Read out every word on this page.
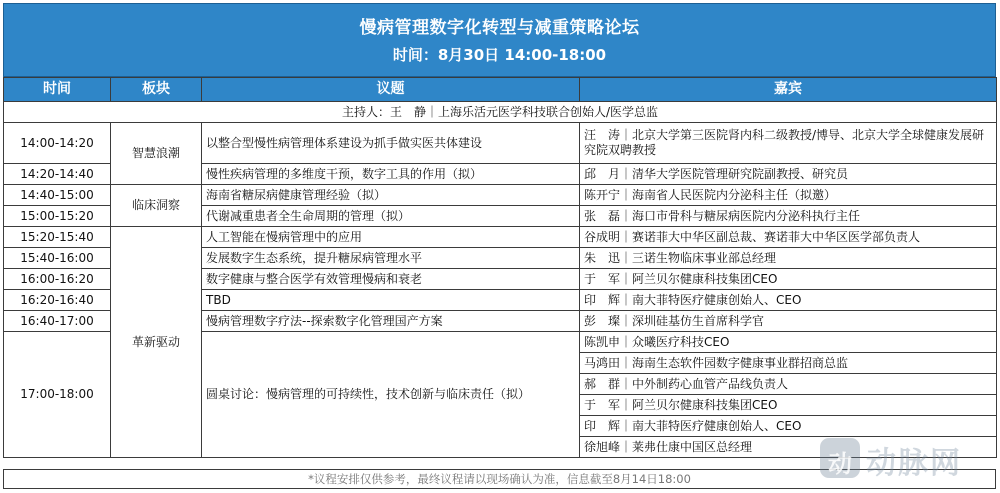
慢病管理数字化转型与减重策略论坛
时间：8月30日 14:00-18:00
时间	板块	议题	嘉宾
主持人：王　静｜上海乐活元医学科技联合创始人/医学总监			
14:00-14:20	智慧浪潮	以整合型慢性病管理体系建设为抓手做实医共体建设	汪　涛｜北京大学第三医院肾内科二级教授/博导、北京大学全球健康发展研究院双聘教授
14:20-14:40		慢性疾病管理的多维度干预，数字工具的作用（拟）	邱　月｜清华大学医院管理研究院副教授、研究员
14:40-15:00	临床洞察	海南省糖尿病健康管理经验（拟）	陈开宁｜海南省人民医院内分泌科主任（拟邀）
15:00-15:20		代谢减重患者全生命周期的管理（拟）	张　磊｜海口市骨科与糖尿病医院内分泌科执行主任
15:20-15:40	革新驱动	人工智能在慢病管理中的应用	谷成明｜赛诺菲大中华区副总裁、赛诺菲大中华区医学部负责人
15:40-16:00		发展数字生态系统，提升糖尿病管理水平	朱　迅｜三诺生物临床事业部总经理
16:00-16:20		数字健康与整合医学有效管理慢病和衰老	于　军｜阿兰贝尔健康科技集团CEO
16:20-16:40		TBD	印　辉｜南大菲特医疗健康创始人、CEO
16:40-17:00		慢病管理数字疗法--探索数字化管理国产方案	彭　璨｜深圳硅基仿生首席科学官
17:00-18:00		圆桌讨论：慢病管理的可持续性，技术创新与临床责任（拟）	陈凯申｜众曦医疗科技CEO
			马鸿田｜海南生态软件园数字健康事业群招商总监
			郝　群｜中外制药心血管产品线负责人
			于　军｜阿兰贝尔健康科技集团CEO
			印　辉｜南大菲特医疗健康创始人、CEO
			徐旭峰｜莱弗仕康中国区总经理
*议程安排仅供参考，最终议程请以现场确认为准，信息截至8月14日18:00
动 动脉网
